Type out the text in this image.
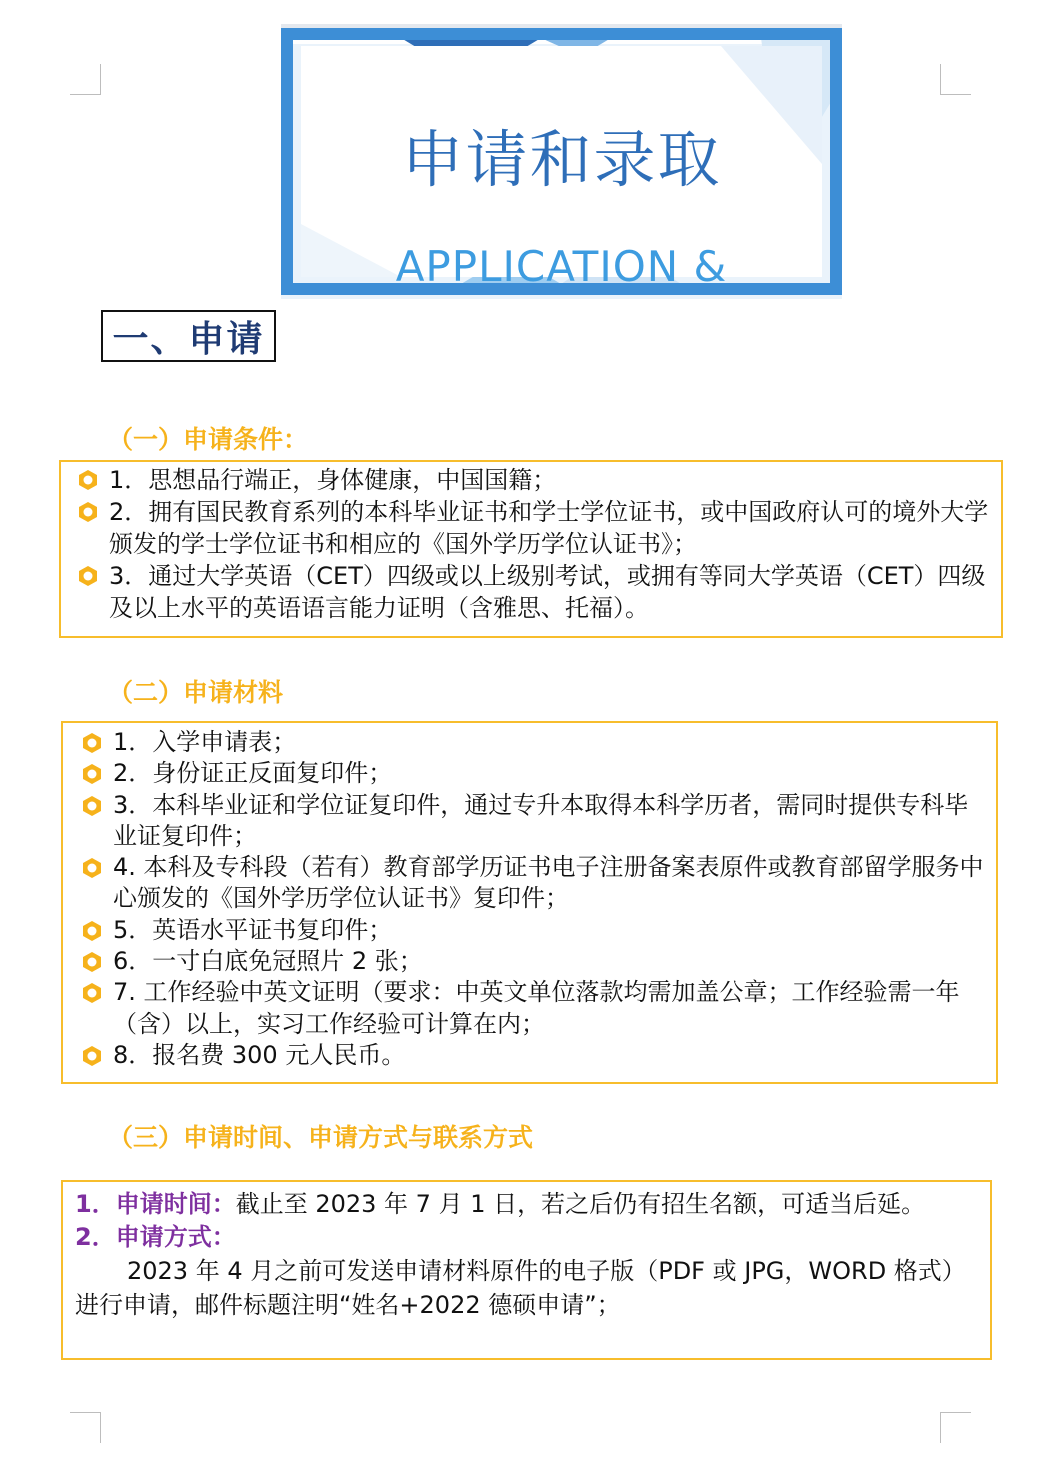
申请和录取
APPLICATION &
一、申请
（一）申请条件：
1．思想品行端正，身体健康，中国国籍；
2．拥有国民教育系列的本科毕业证书和学士学位证书，或中国政府认可的境外大学颁发的学士学位证书和相应的《国外学历学位认证书》；
3．通过大学英语（CET）四级或以上级别考试，或拥有等同大学英语（CET）四级及以上水平的英语语言能力证明（含雅思、托福）。
（二）申请材料
1．入学申请表；
2．身份证正反面复印件；
3．本科毕业证和学位证复印件，通过专升本取得本科学历者，需同时提供专科毕业证复印件；
4. 本科及专科段（若有）教育部学历证书电子注册备案表原件或教育部留学服务中心颁发的《国外学历学位认证书》复印件；
5．英语水平证书复印件；
6．一寸白底免冠照片 2 张；
7. 工作经验中英文证明（要求：中英文单位落款均需加盖公章；工作经验需一年（含）以上，实习工作经验可计算在内；
8．报名费 300 元人民币。
（三）申请时间、申请方式与联系方式
1．申请时间：截止至 2023 年 7 月 1 日，若之后仍有招生名额，可适当后延。
2．申请方式：
2023 年 4 月之前可发送申请材料原件的电子版（PDF 或 JPG，WORD 格式）进行申请，邮件标题注明“姓名+2022 德硕申请”；
